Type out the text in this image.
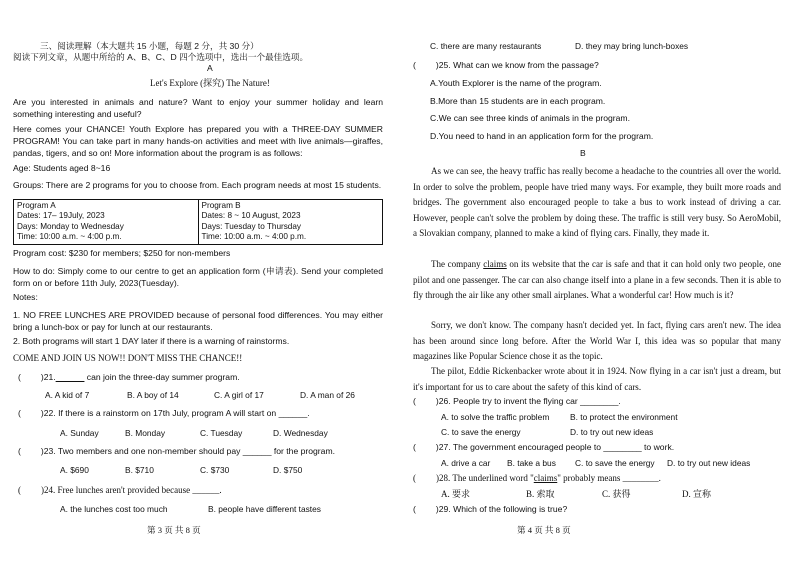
三、阅读理解（本大题共 15 小题，每题 2 分，共 30 分）
阅读下列文章，从题中所给的 A、B、C、D 四个选项中，选出一个最佳选项。
A
Let's Explore (探究) The Nature!
Are you interested in animals and nature? Want to enjoy your summer holiday and learn something interesting and useful?
Here comes your CHANCE! Youth Explore has prepared you with a THREE-DAY SUMMER PROGRAM! You can take part in many hands-on activities and meet with live animals—giraffes, pandas, tigers, and so on! More information about the program is as follows:
Age: Students aged 8~16
Groups: There are 2 programs for you to choose from. Each program needs at most 15 students.
Program A
Dates: 17– 19July, 2023
Days: Monday to Wednesday
Time: 10:00 a.m. ~ 4:00 p.m.

Program B
Dates: 8 ~ 10 August, 2023
Days: Tuesday to Thursday
Time: 10:00 a.m. ~ 4:00 p.m.
Program cost: $230 for members; $250 for non-members
How to do: Simply come to our centre to get an application form (申请表). Send your completed form on or before 11th July, 2023(Tuesday).
Notes:
1. NO FREE LUNCHES ARE PROVIDED because of personal food differences. You may either bring a lunch-box or pay for lunch at our restaurants.
2. Both programs will start 1 DAY later if there is a warning of rainstorms.
COME AND JOIN US NOW!! DON'T MISS THE CHANCE!!
( )21.______ can join the three-day summer program.
A. A kid of 7	B. A boy of 14	C. A girl of 17	D. A man of 26
( )22. If there is a rainstorm on 17th July, program A will start on ______.
A. Sunday	B. Monday	C. Tuesday	D. Wednesday
( )23. Two members and one non-member should pay ______ for the program.
A. $690	B. $710	C. $730	D. $750
( )24. Free lunches aren't provided because ______.
A. the lunches cost too much	B. people have different tastes
第 3 页 共 8 页
C. there are many restaurants	D. they may bring lunch-boxes
( )25. What can we know from the passage?
A.Youth Explorer is the name of the program.
B.More than 15 students are in each program.
C.We can see three kinds of animals in the program.
D.You need to hand in an application form for the program.
B
As we can see, the heavy traffic has really become a headache to the countries all over the world. In order to solve the problem, people have tried many ways. For example, they built more roads and bridges. The government also encouraged people to take a bus to work instead of driving a car. However, people can't solve the problem by doing these. The traffic is still very busy. So AeroMobil, a Slovakian company, planned to make a kind of flying cars. Finally, they made it.
The company claims on its website that the car is safe and that it can hold only two people, one pilot and one passenger. The car can also change itself into a plane in a few seconds. Then it is able to fly through the air like any other small airplanes. What a wonderful car! How much is it?
Sorry, we don't know. The company hasn't decided yet. In fact, flying cars aren't new. The idea has been around since long before. After the World War I, this idea was so popular that many magazines like Popular Science chose it as the topic.
The pilot, Eddie Rickenbacker wrote about it in 1924. Now flying in a car isn't just a dream, but it's important for us to care about the safety of this kind of cars.
( )26. People try to invent the flying car ________.
A. to solve the traffic problem B. to protect the environment
C. to save the energy	D. to try out new ideas
( )27. The government encouraged people to ________ to work.
A. drive a car B. take a bus C. to save the energy D. to try out new ideas
( )28. The underlined word "claims" probably means ________.
A. 要求	B. 索取	C. 获得	D. 宣称
( )29. Which of the following is true?
第 4 页 共 8 页
